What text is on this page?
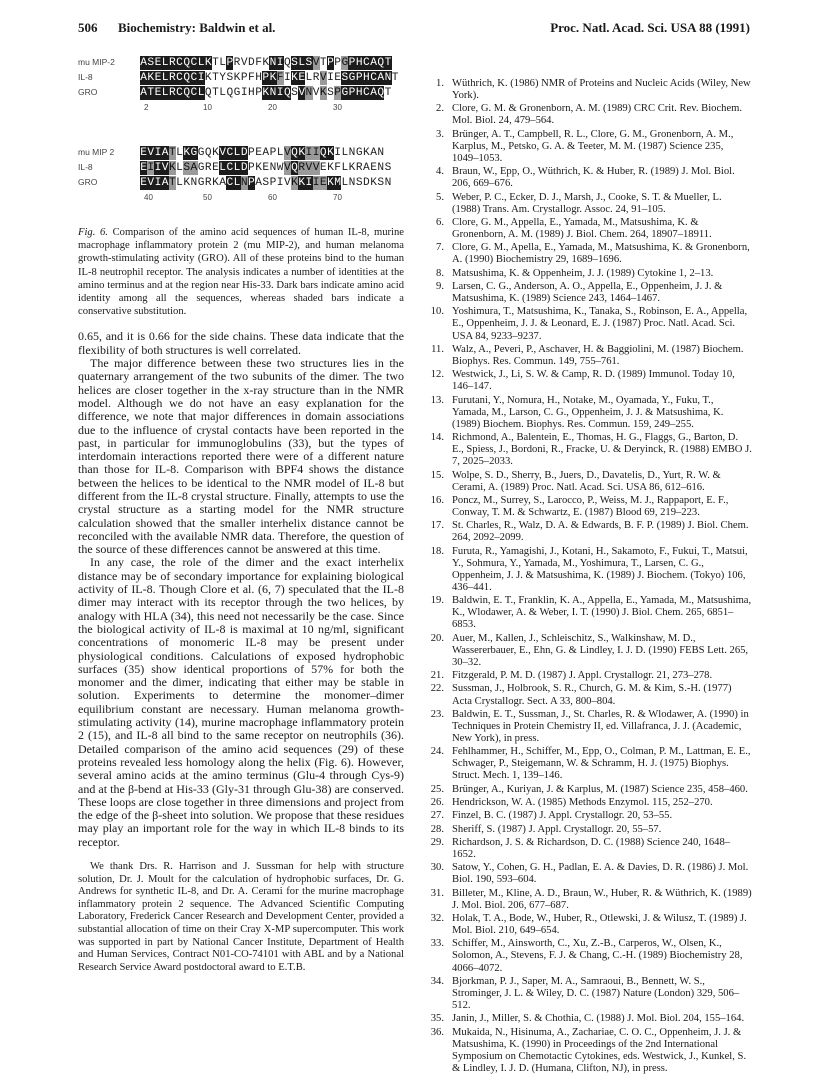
506 Biochemistry: Baldwin et al.	Proc. Natl. Acad. Sci. USA 88 (1991)
mu MIP-2	ASELRCQCLKTLPRVDFKNIQSLSVTPPGPHCAQT
IL-8	AKELRCQCIKTYSKPFHPKFIKELRVIESGPHCANT
GRO	ATELRCQCLQTLQGIHPKNIQSVNVKSPGPHCAQT
2	10	20	30
mu MIP 2	EVIATLKGGQKVCLDPEAPLVQKIIQKILNGKAN
IL-8	EIIVKLSAGRELCLDPKENWVQRVVEKFLKRAENS
GRO	EVIATLKNGRKACLNPASPIVKKIIEKMLNSDKSN
40	50	60	70
Fig. 6. Comparison of the amino acid sequences of human IL-8, murine macrophage inflammatory protein 2 (mu MIP-2), and human melanoma growth-stimulating activity (GRO). All of these proteins bind to the human IL-8 neutrophil receptor. The analysis indicates a number of identities at the amino terminus and at the region near His-33. Dark bars indicate amino acid identity among all the sequences, whereas shaded bars indicate a conservative substitution.

0.65, and it is 0.66 for the side chains. These data indicate that the flexibility of both structures is well correlated.

The major difference between these two structures lies in the quaternary arrangement of the two subunits of the dimer. The two helices are closer together in the x-ray structure than in the NMR model. Although we do not have an easy explanation for the difference, we note that major differences in domain associations due to the influence of crystal contacts have been reported in the past, in particular for immunoglobulins (33), but the types of interdomain interactions reported there were of a different nature than those for IL-8. Comparison with BPF4 shows the distance between the helices to be identical to the NMR model of IL-8 but different from the IL-8 crystal structure. Finally, attempts to use the crystal structure as a starting model for the NMR structure calculation showed that the smaller interhelix distance cannot be reconciled with the available NMR data. Therefore, the question of the source of these differences cannot be answered at this time.

In any case, the role of the dimer and the exact interhelix distance may be of secondary importance for explaining biological activity of IL-8. Though Clore et al. (6, 7) speculated that the IL-8 dimer may interact with its receptor through the two helices, by analogy with HLA (34), this need not necessarily be the case. Since the biological activity of IL-8 is maximal at 10 ng/ml, significant concentrations of monomeric IL-8 may be present under physiological conditions. Calculations of exposed hydrophobic surfaces (35) show identical proportions of 57% for both the monomer and the dimer, indicating that either may be stable in solution. Experiments to determine the monomer–dimer equilibrium constant are necessary. Human melanoma growth-stimulating activity (14), murine macrophage inflammatory protein 2 (15), and IL-8 all bind to the same receptor on neutrophils (36). Detailed comparison of the amino acid sequences (29) of these proteins revealed less homology along the helix (Fig. 6). However, several amino acids at the amino terminus (Glu-4 through Cys-9) and at the β-bend at His-33 (Gly-31 through Glu-38) are conserved. These loops are close together in three dimensions and project from the edge of the β-sheet into solution. We propose that these residues may play an important role for the way in which IL-8 binds to its receptor.

We thank Drs. R. Harrison and J. Sussman for help with structure solution, Dr. J. Moult for the calculation of hydrophobic surfaces, Dr. G. Andrews for synthetic IL-8, and Dr. A. Cerami for the murine macrophage inflammatory protein 2 sequence. The Advanced Scientific Computing Laboratory, Frederick Cancer Research and Development Center, provided a substantial allocation of time on their Cray X-MP supercomputer. This work was supported in part by National Cancer Institute, Department of Health and Human Services, Contract N01-CO-74101 with ABL and by a National Research Service Award postdoctoral award to E.T.B.

1. Wüthrich, K. (1986) NMR of Proteins and Nucleic Acids (Wiley, New York).
2. Clore, G. M. & Gronenborn, A. M. (1989) CRC Crit. Rev. Biochem. Mol. Biol. 24, 479–564.
3. Brünger, A. T., Campbell, R. L., Clore, G. M., Gronenborn, A. M., Karplus, M., Petsko, G. A. & Teeter, M. M. (1987) Science 235, 1049–1053.
4. Braun, W., Epp, O., Wüthrich, K. & Huber, R. (1989) J. Mol. Biol. 206, 669–676.
5. Weber, P. C., Ecker, D. J., Marsh, J., Cooke, S. T. & Mueller, L. (1988) Trans. Am. Crystallogr. Assoc. 24, 91–105.
6. Clore, G. M., Appella, E., Yamada, M., Matsushima, K. & Gronenborn, A. M. (1989) J. Biol. Chem. 264, 18907–18911.
7. Clore, G. M., Apella, E., Yamada, M., Matsushima, K. & Gronenborn, A. (1990) Biochemistry 29, 1689–1696.
8. Matsushima, K. & Oppenheim, J. J. (1989) Cytokine 1, 2–13.
9. Larsen, C. G., Anderson, A. O., Appella, E., Oppenheim, J. J. & Matsushima, K. (1989) Science 243, 1464–1467.
10. Yoshimura, T., Matsushima, K., Tanaka, S., Robinson, E. A., Appella, E., Oppenheim, J. J. & Leonard, E. J. (1987) Proc. Natl. Acad. Sci. USA 84, 9233–9237.
11. Walz, A., Peveri, P., Aschaver, H. & Baggiolini, M. (1987) Biochem. Biophys. Res. Commun. 149, 755–761.
12. Westwick, J., Li, S. W. & Camp, R. D. (1989) Immunol. Today 10, 146–147.
13. Furutani, Y., Nomura, H., Notake, M., Oyamada, Y., Fuku, T., Yamada, M., Larson, C. G., Oppenheim, J. J. & Matsushima, K. (1989) Biochem. Biophys. Res. Commun. 159, 249–255.
14. Richmond, A., Balentein, E., Thomas, H. G., Flaggs, G., Barton, D. E., Spiess, J., Bordoni, R., Fracke, U. & Deryinck, R. (1988) EMBO J. 7, 2025–2033.
15. Wolpe, S. D., Sherry, B., Juers, D., Davatelis, D., Yurt, R. W. & Cerami, A. (1989) Proc. Natl. Acad. Sci. USA 86, 612–616.
16. Poncz, M., Surrey, S., Larocco, P., Weiss, M. J., Rappaport, E. F., Conway, T. M. & Schwartz, E. (1987) Blood 69, 219–223.
17. St. Charles, R., Walz, D. A. & Edwards, B. F. P. (1989) J. Biol. Chem. 264, 2092–2099.
18. Furuta, R., Yamagishi, J., Kotani, H., Sakamoto, F., Fukui, T., Matsui, Y., Sohmura, Y., Yamada, M., Yoshimura, T., Larsen, C. G., Oppenheim, J. J. & Matsushima, K. (1989) J. Biochem. (Tokyo) 106, 436–441.
19. Baldwin, E. T., Franklin, K. A., Appella, E., Yamada, M., Matsushima, K., Wlodawer, A. & Weber, I. T. (1990) J. Biol. Chem. 265, 6851–6853.
20. Auer, M., Kallen, J., Schleischitz, S., Walkinshaw, M. D., Wassererbauer, E., Ehn, G. & Lindley, I. J. D. (1990) FEBS Lett. 265, 30–32.
21. Fitzgerald, P. M. D. (1987) J. Appl. Crystallogr. 21, 273–278.
22. Sussman, J., Holbrook, S. R., Church, G. M. & Kim, S.-H. (1977) Acta Crystallogr. Sect. A 33, 800–804.
23. Baldwin, E. T., Sussman, J., St. Charles, R. & Wlodawer, A. (1990) in Techniques in Protein Chemistry II, ed. Villafranca, J. J. (Academic, New York), in press.
24. Fehlhammer, H., Schiffer, M., Epp, O., Colman, P. M., Lattman, E. E., Schwager, P., Steigemann, W. & Schramm, H. J. (1975) Biophys. Struct. Mech. 1, 139–146.
25. Brünger, A., Kuriyan, J. & Karplus, M. (1987) Science 235, 458–460.
26. Hendrickson, W. A. (1985) Methods Enzymol. 115, 252–270.
27. Finzel, B. C. (1987) J. Appl. Crystallogr. 20, 53–55.
28. Sheriff, S. (1987) J. Appl. Crystallogr. 20, 55–57.
29. Richardson, J. S. & Richardson, D. C. (1988) Science 240, 1648–1652.
30. Satow, Y., Cohen, G. H., Padlan, E. A. & Davies, D. R. (1986) J. Mol. Biol. 190, 593–604.
31. Billeter, M., Kline, A. D., Braun, W., Huber, R. & Wüthrich, K. (1989) J. Mol. Biol. 206, 677–687.
32. Holak, T. A., Bode, W., Huber, R., Otlewski, J. & Wilusz, T. (1989) J. Mol. Biol. 210, 649–654.
33. Schiffer, M., Ainsworth, C., Xu, Z.-B., Carperos, W., Olsen, K., Solomon, A., Stevens, F. J. & Chang, C.-H. (1989) Biochemistry 28, 4066–4072.
34. Bjorkman, P. J., Saper, M. A., Samraoui, B., Bennett, W. S., Strominger, J. L. & Wiley, D. C. (1987) Nature (London) 329, 506–512.
35. Janin, J., Miller, S. & Chothia, C. (1988) J. Mol. Biol. 204, 155–164.
36. Mukaida, N., Hisinuma, A., Zachariae, C. O. C., Oppenheim, J. J. & Matsushima, K. (1990) in Proceedings of the 2nd International Symposium on Chemotactic Cytokines, eds. Westwick, J., Kunkel, S. & Lindley, I. J. D. (Humana, Clifton, NJ), in press.
